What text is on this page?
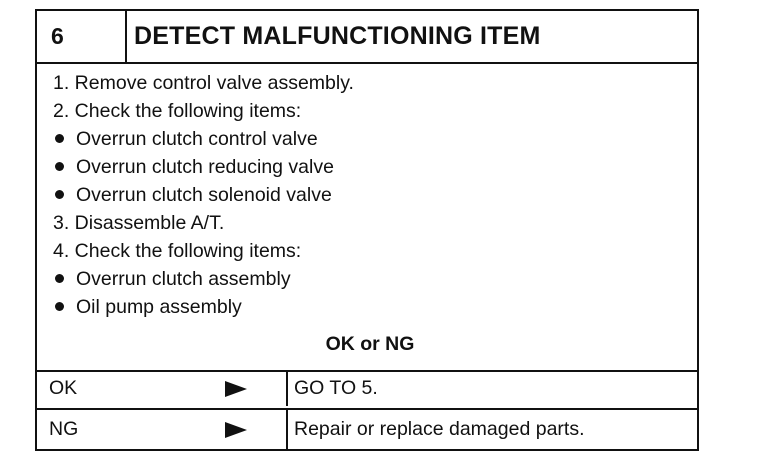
6	DETECT MALFUNCTIONING ITEM
1. Remove control valve assembly.
2. Check the following items:
Overrun clutch control valve
Overrun clutch reducing valve
Overrun clutch solenoid valve
3. Disassemble A/T.
4. Check the following items:
Overrun clutch assembly
Oil pump assembly
OK or NG
OK	GO TO 5.
NG	Repair or replace damaged parts.
